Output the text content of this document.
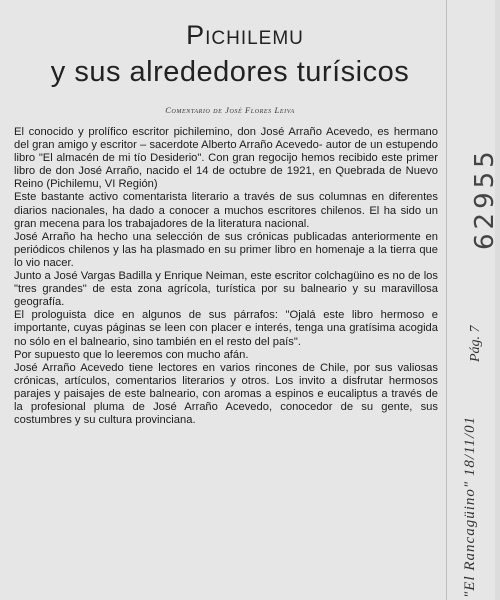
Pichilemu
y sus alrededores turísicos
Comentario de José Flores Leiva

El conocido y prolífico escritor pichilemino, don José Arraño Acevedo, es hermano del gran amigo y escritor – sacerdote Alberto Arraño Acevedo- autor de un estupendo libro "El almacén de mi tío Desiderio". Con gran regocijo hemos recibido este primer libro de don José Arraño, nacido el 14 de octubre de 1921, en Quebrada de Nuevo Reino (Pichilemu, VI Región)

Este bastante activo comentarista literario a través de sus columnas en diferentes diarios nacionales, ha dado a conocer a muchos escritores chilenos. El ha sido un gran mecena para los trabajadores de la literatura nacional.

José Arraño ha hecho una selección de sus crónicas publicadas anteriormente en periódicos chilenos y las ha plasmado en su primer libro en homenaje a la tierra que lo vio nacer.

Junto a José Vargas Badilla y Enrique Neiman, este escritor colchagüino es no de los "tres grandes" de esta zona agrícola, turística por su balneario y su maravillosa geografía.

El prologuista dice en algunos de sus párrafos: "Ojalá este libro hermoso e importante, cuyas páginas se leen con placer e interés, tenga una gratísima acogida no sólo en el balneario, sino también en el resto del país".

Por supuesto que lo leeremos con mucho afán.

José Arraño Acevedo tiene lectores en varios rincones de Chile, por sus valiosas crónicas, artículos, comentarios literarios y otros. Los invito a disfrutar hermosos parajes y paisajes de este balneario, con aromas a espinos e eucaliptus a través de la profesional pluma de José Arraño Acevedo, conocedor de su gente, sus costumbres y su cultura provinciana.

62955
Pág. 7
"El Rancagüino" 18/11/01
